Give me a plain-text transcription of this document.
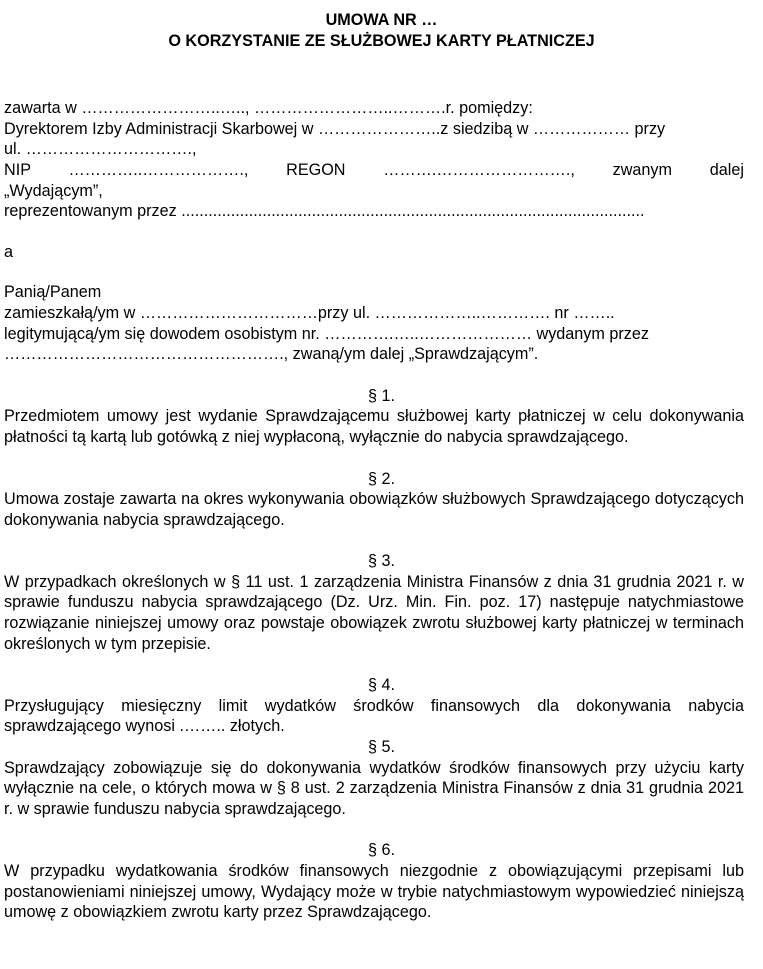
UMOWA NR …

O KORZYSTANIE ZE SŁUŻBOWEJ KARTY PŁATNICZEJ

zawarta w ……………………..….., ……………………..……….r. pomiędzy:

Dyrektorem Izby Administracji Skarbowej w …………………..z siedzibą w ……………… przy

ul. ………………………….,

NIP …………..………………., REGON ……….……………………., zwanym dalej

„Wydającym”,

reprezentowanym przez .......................................................................................................

a

Panią/Panem

zamieszkałą/ym w ……………………………przy ul. ………………..…………. nr ……..

legitymującą/ym się dowodem osobistym nr. ………….…..………………… wydanym przez

……………………………………………., zwaną/ym dalej „Sprawdzającym”.

§ 1.

Przedmiotem umowy jest wydanie Sprawdzającemu służbowej karty płatniczej w celu dokonywania płatności tą kartą lub gotówką z niej wypłaconą, wyłącznie do nabycia sprawdzającego.

§ 2.

Umowa zostaje zawarta na okres wykonywania obowiązków służbowych Sprawdzającego dotyczących dokonywania nabycia sprawdzającego.

§ 3.

W przypadkach określonych w § 11 ust. 1 zarządzenia Ministra Finansów z dnia 31 grudnia 2021 r. w sprawie funduszu nabycia sprawdzającego (Dz. Urz. Min. Fin. poz. 17) następuje natychmiastowe rozwiązanie niniejszej umowy oraz powstaje obowiązek zwrotu służbowej karty płatniczej w terminach określonych w tym przepisie.

§ 4.

Przysługujący miesięczny limit wydatków środków finansowych dla dokonywania nabycia sprawdzającego wynosi .…….. złotych.

§ 5.

Sprawdzający zobowiązuje się do dokonywania wydatków środków finansowych przy użyciu karty wyłącznie na cele, o których mowa w § 8 ust. 2 zarządzenia Ministra Finansów z dnia 31 grudnia 2021 r. w sprawie funduszu nabycia sprawdzającego.

§ 6.

W przypadku wydatkowania środków finansowych niezgodnie z obowiązującymi przepisami lub postanowieniami niniejszej umowy, Wydający może w trybie natychmiastowym wypowiedzieć niniejszą umowę z obowiązkiem zwrotu karty przez Sprawdzającego.
